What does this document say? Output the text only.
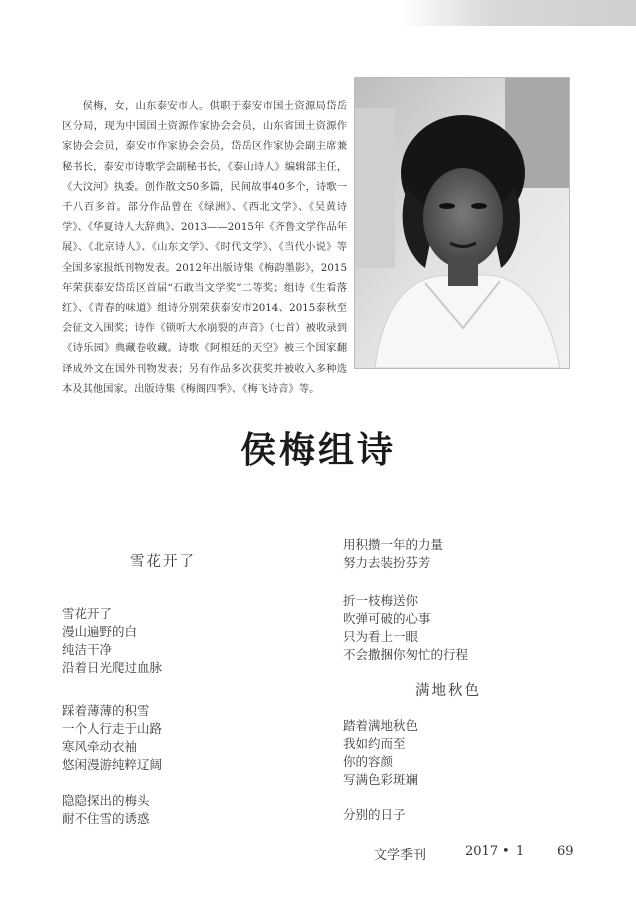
侯梅，女，山东泰安市人。供职于泰安市国土资源局岱岳区分局，现为中国国土资源作家协会会员，山东省国土资源作家协会会员，泰安市作家协会会员，岱岳区作家协会副主席兼秘书长，泰安市诗歌学会副秘书长，《泰山诗人》编辑部主任，《大汶河》执委。创作散文50多篇，民间故事40多个，诗歌一千八百多首。部分作品曾在《绿洲》、《西北文学》、《吴黄诗学》、《华夏诗人大辞典》、2013——2015年《齐鲁文学作品年展》、《北京诗人》、《山东文学》、《时代文学》、《当代小说》等全国多家报纸刊物发表。2012年出版诗集《梅韵墨影》，2015年荣获泰安岱岳区首届“石敢当文学奖”二等奖；组诗《生看落红》、《青春的味道》组诗分别荣获泰安市2014、2015泰秋至会征文入围奖；诗作《锁听大水崩裂的声音》（七首）被收录到《诗乐园》典藏卷收藏。诗歌《阿根廷的天空》被三个国家翻译成外文在国外刊物发表；另有作品多次获奖并被收入多种选本及其他国家。出版诗集《梅阁四季》、《梅飞诗音》等。

侯梅组诗
雪花开了
雪花开了
漫山遍野的白
纯洁干净
沿着日光爬过血脉
踩着薄薄的积雪
一个人行走于山路
寒风牵动衣袖
悠闲漫游纯粹辽阔
隐隐探出的梅头
耐不住雪的诱惑
用积攒一年的力量
努力去装扮芬芳
折一枝梅送你
吹弹可破的心事
只为看上一眼
不会撒捆你匆忙的行程
满地秋色
踏着满地秋色
我如约而至
你的容颜
写满色彩斑斓
分别的日子
文学季刊	2017 • 1	69
